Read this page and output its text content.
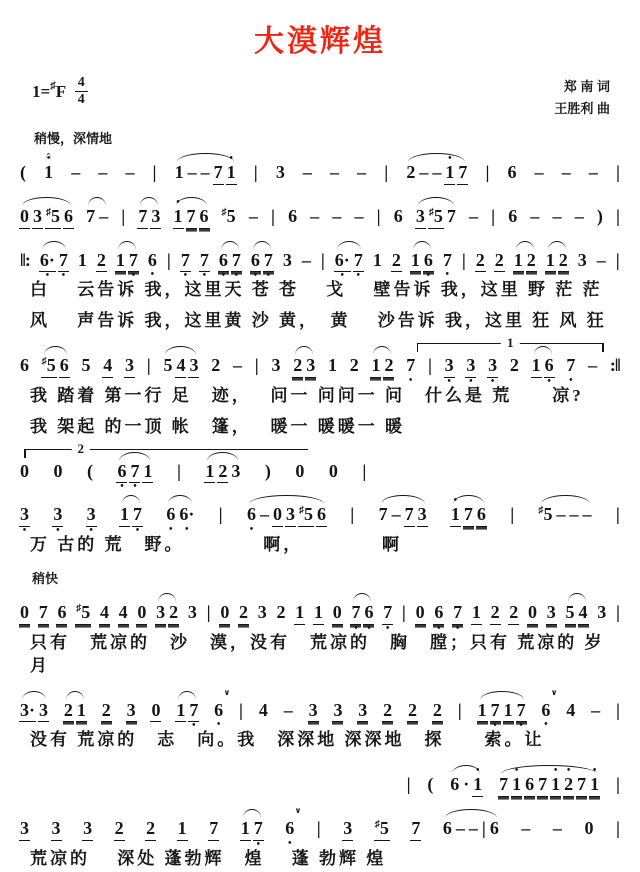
大漠辉煌
$1=^♯F \frac{4}{4}$	郑 南 词
王胜利 曲
稍慢，深情地
( 1
•
– – – | 1 – – 7 1
•
| 3 – – – | 2 – – 1
•
7 | 6 – – – |
0 3 ♯5 6 7 – | 7 3 1
•
7 6 ♯5 – | 6 – – – | 6 3 ♯5 7 – | 6 – – – ) |
‖: 6·
•
7
•
1 2 1 7
•
6
•
| 7
•
7
•
6
•
7
•
6
•
7
•
3 – | 6·
•
7
•
1 2 1 6
•
7
•
| 2 2 1 2 1 2 3 – |
白　 云告诉 我，这里天 苍 苍　 戈　 壁告诉 我，这里 野 茫 茫
风　 声告诉 我，这里黄 沙 黄，　黄　 沙告诉 我，这里 狂 风 狂
1
6 ♯5 6 5 4 3 | 5 4 3 2 – | 3 2 3 1 2 1 2 7
•
| 3
•
3
•
3
•
2 1 6
•
7
•
– :‖
我 踏着 第一行 足　迹，　 问一 问问一 问　什么是 荒　　凉?
我 架起 的一顶 帐　篷，　 暖一 暖暖一 暖
2
0 0 ( 6
•
7
•
1 | 1 2 3 ) 0 0 |
3
•
3
•
3
•
1 7
•
6
•
6·
•
| 6
•
– 0 3 ♯5 6 | 7 – 7 3 1
•
7 6 | ♯5 – – – |
万 古的 荒　野。　　　　 啊，　　　　 啊
稍快
0 7 6 ♯5 4 4 0 3 2 3 | 0 2 3 2 1 1 0 7
•
6
•
7
•
| 0 6
•
7
•
1 2 2 0 3 5 4 3 |
只有　荒凉的　沙　漠，没有　荒凉的　胸　膛；只有 荒凉的 岁　月
3· 3 2 1 2 3 0 1 7
•
6
•
∨
| 4 – 3 3 3 2 2 2 | 1 7
•
1 7
•
6
•
∨
4 – |
没有 荒凉的　志　向。我　深深地 深深地　探　　索。让
| ( 6 · 1
•
7 1
•
6 7 1
•
2
•
7 1
•
|
3 3 3 2 2 1 7 1 7
•
6
•
∨
| 3 ♯5 7 6 – – | 6 – – 0 |
荒凉的　 深处 蓬勃辉　煌　 蓬 勃辉 煌
